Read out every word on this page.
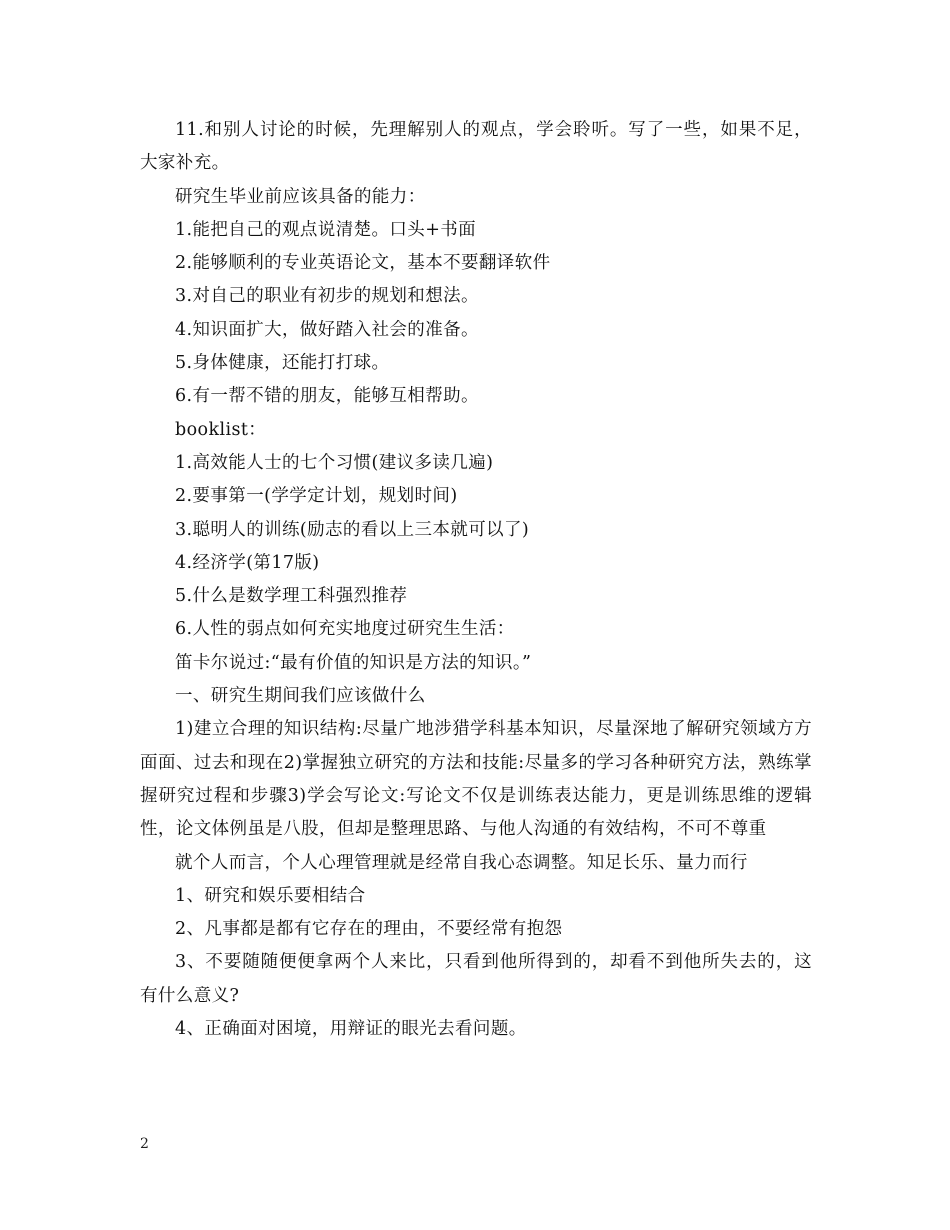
11.和别人讨论的时候，先理解别人的观点，学会聆听。写了一些，如果不足，大家补充。

研究生毕业前应该具备的能力：

1.能把自己的观点说清楚。口头+书面

2.能够顺利的专业英语论文，基本不要翻译软件

3.对自己的职业有初步的规划和想法。

4.知识面扩大，做好踏入社会的准备。

5.身体健康，还能打打球。

6.有一帮不错的朋友，能够互相帮助。

booklist：

1.高效能人士的七个习惯(建议多读几遍)

2.要事第一(学学定计划，规划时间)

3.聪明人的训练(励志的看以上三本就可以了)

4.经济学(第17版)

5.什么是数学理工科强烈推荐

6.人性的弱点如何充实地度过研究生生活：

笛卡尔说过:“最有价值的知识是方法的知识。”

一、研究生期间我们应该做什么

1)建立合理的知识结构:尽量广地涉猎学科基本知识，尽量深地了解研究领域方方面面、过去和现在2)掌握独立研究的方法和技能:尽量多的学习各种研究方法，熟练掌握研究过程和步骤3)学会写论文:写论文不仅是训练表达能力，更是训练思维的逻辑性，论文体例虽是八股，但却是整理思路、与他人沟通的有效结构，不可不尊重

就个人而言，个人心理管理就是经常自我心态调整。知足长乐、量力而行

1、研究和娱乐要相结合

2、凡事都是都有它存在的理由，不要经常有抱怨

3、不要随随便便拿两个人来比，只看到他所得到的，却看不到他所失去的，这有什么意义?

4、正确面对困境，用辩证的眼光去看问题。

2
